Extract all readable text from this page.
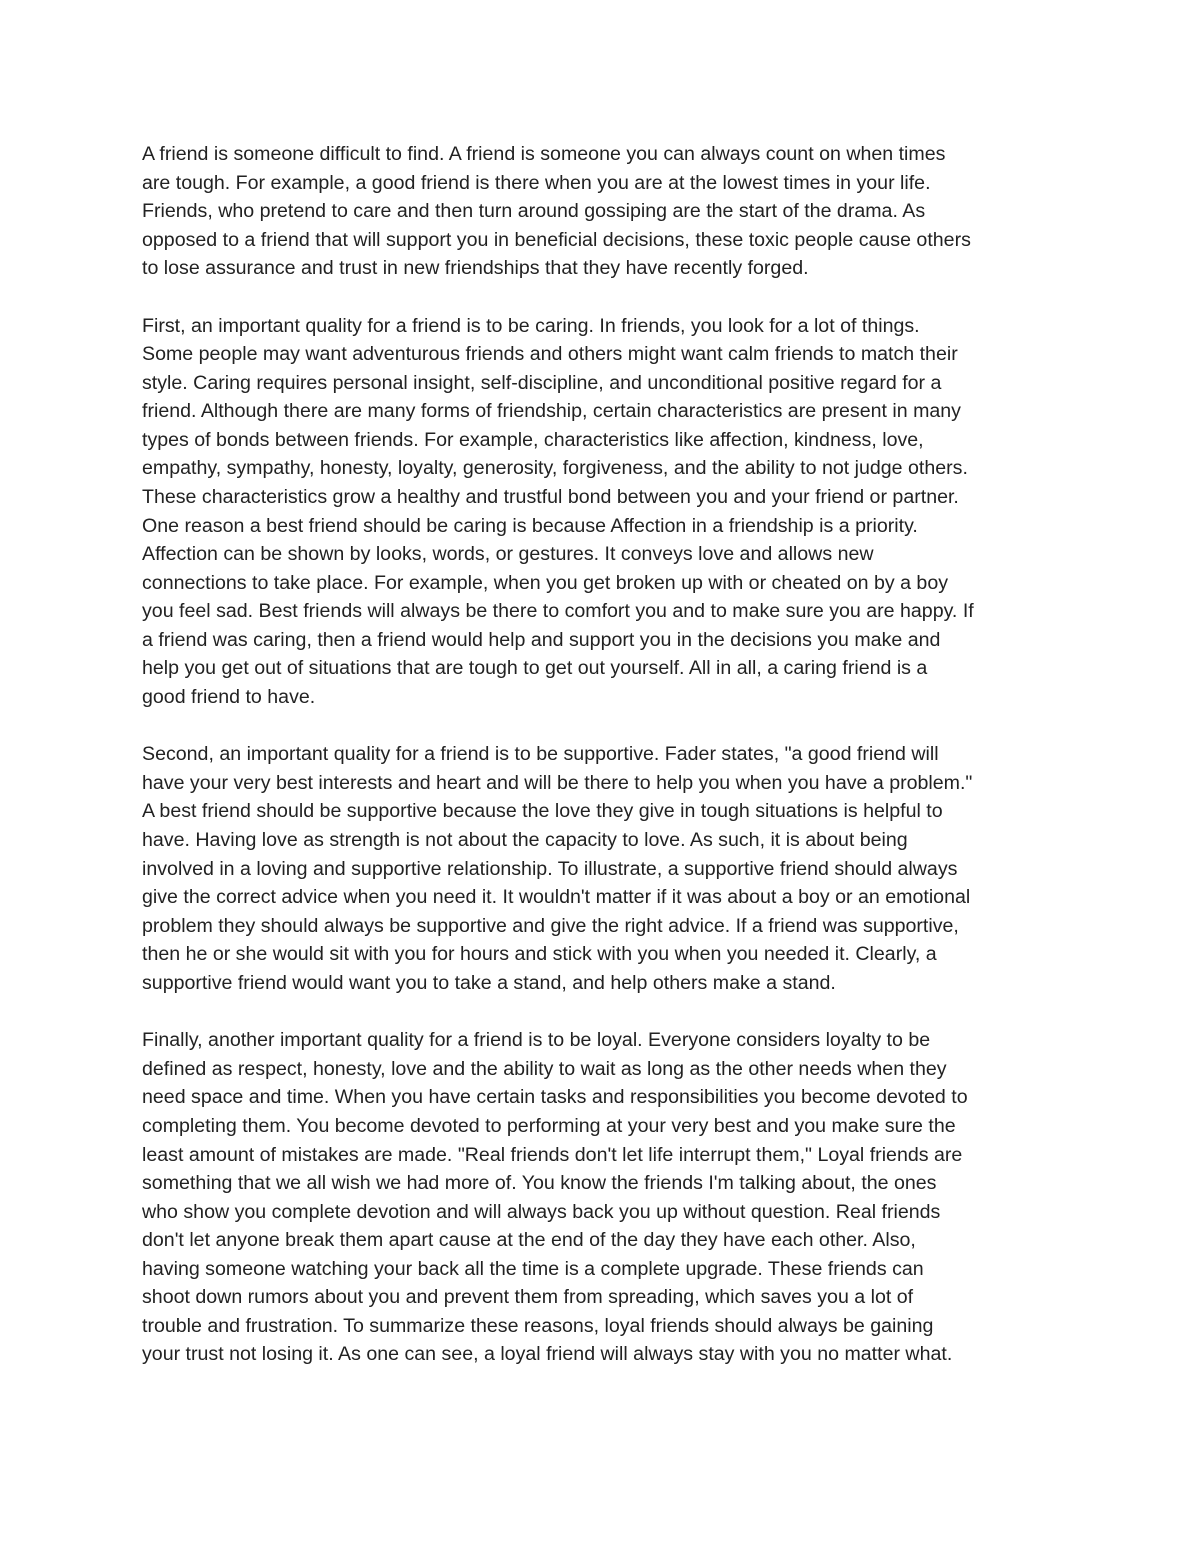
A friend is someone difficult to find. A friend is someone you can always count on when times
are tough. For example, a good friend is there when you are at the lowest times in your life.
Friends, who pretend to care and then turn around gossiping are the start of the drama. As
opposed to a friend that will support you in beneficial decisions, these toxic people cause others
to lose assurance and trust in new friendships that they have recently forged.

First, an important quality for a friend is to be caring. In friends, you look for a lot of things.
Some people may want adventurous friends and others might want calm friends to match their
style. Caring requires personal insight, self-discipline, and unconditional positive regard for a
friend. Although there are many forms of friendship, certain characteristics are present in many
types of bonds between friends. For example, characteristics like affection, kindness, love,
empathy, sympathy, honesty, loyalty, generosity, forgiveness, and the ability to not judge others.
These characteristics grow a healthy and trustful bond between you and your friend or partner.
One reason a best friend should be caring is because Affection in a friendship is a priority.
Affection can be shown by looks, words, or gestures. It conveys love and allows new
connections to take place. For example, when you get broken up with or cheated on by a boy
you feel sad. Best friends will always be there to comfort you and to make sure you are happy. If
a friend was caring, then a friend would help and support you in the decisions you make and
help you get out of situations that are tough to get out yourself. All in all, a caring friend is a
good friend to have.

Second, an important quality for a friend is to be supportive. Fader states, "a good friend will
have your very best interests and heart and will be there to help you when you have a problem."
A best friend should be supportive because the love they give in tough situations is helpful to
have. Having love as strength is not about the capacity to love. As such, it is about being
involved in a loving and supportive relationship. To illustrate, a supportive friend should always
give the correct advice when you need it. It wouldn't matter if it was about a boy or an emotional
problem they should always be supportive and give the right advice. If a friend was supportive,
then he or she would sit with you for hours and stick with you when you needed it. Clearly, a
supportive friend would want you to take a stand, and help others make a stand.

Finally, another important quality for a friend is to be loyal. Everyone considers loyalty to be
defined as respect, honesty, love and the ability to wait as long as the other needs when they
need space and time. When you have certain tasks and responsibilities you become devoted to
completing them. You become devoted to performing at your very best and you make sure the
least amount of mistakes are made. "Real friends don't let life interrupt them," Loyal friends are
something that we all wish we had more of. You know the friends I'm talking about, the ones
who show you complete devotion and will always back you up without question. Real friends
don't let anyone break them apart cause at the end of the day they have each other. Also,
having someone watching your back all the time is a complete upgrade. These friends can
shoot down rumors about you and prevent them from spreading, which saves you a lot of
trouble and frustration. To summarize these reasons, loyal friends should always be gaining
your trust not losing it. As one can see, a loyal friend will always stay with you no matter what.
